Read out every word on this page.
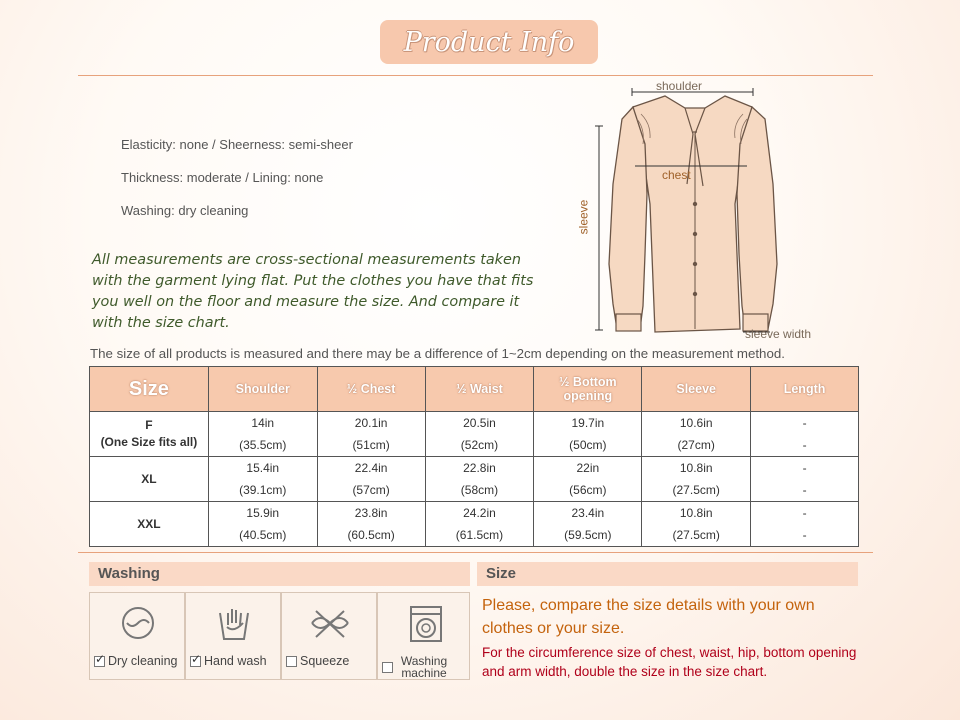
Product Info
Elasticity: none / Sheerness: semi-sheer
Thickness: moderate / Lining: none
Washing: dry cleaning
All measurements are cross-sectional measurements taken with the garment lying flat. Put the clothes you have that fits you well on the floor and measure the size. And compare it with the size chart.
shoulder
chest
sleeve
sleeve width
The size of all products is measured and there may be a difference of 1~2cm depending on the measurement method.
Size	Shoulder	½ Chest	½ Waist	½ Bottom opening	Sleeve	Length

F
(One Size fits all)	14in	20.1in	20.5in	19.7in	10.6in	-
	(35.5cm)	(51cm)	(52cm)	(50cm)	(27cm)	-
XL	15.4in	22.4in	22.8in	22in	10.8in	-
	(39.1cm)	(57cm)	(58cm)	(56cm)	(27.5cm)	-
XXL	15.9in	23.8in	24.2in	23.4in	10.8in	-
	(40.5cm)	(60.5cm)	(61.5cm)	(59.5cm)	(27.5cm)	-
Washing
✓
Dry cleaning ✓ Hand wash	Squeeze	Washing machine
Size
Please, compare the size details with your own clothes or your size.
For the circumference size of chest, waist, hip, bottom opening and arm width, double the size in the size chart.
